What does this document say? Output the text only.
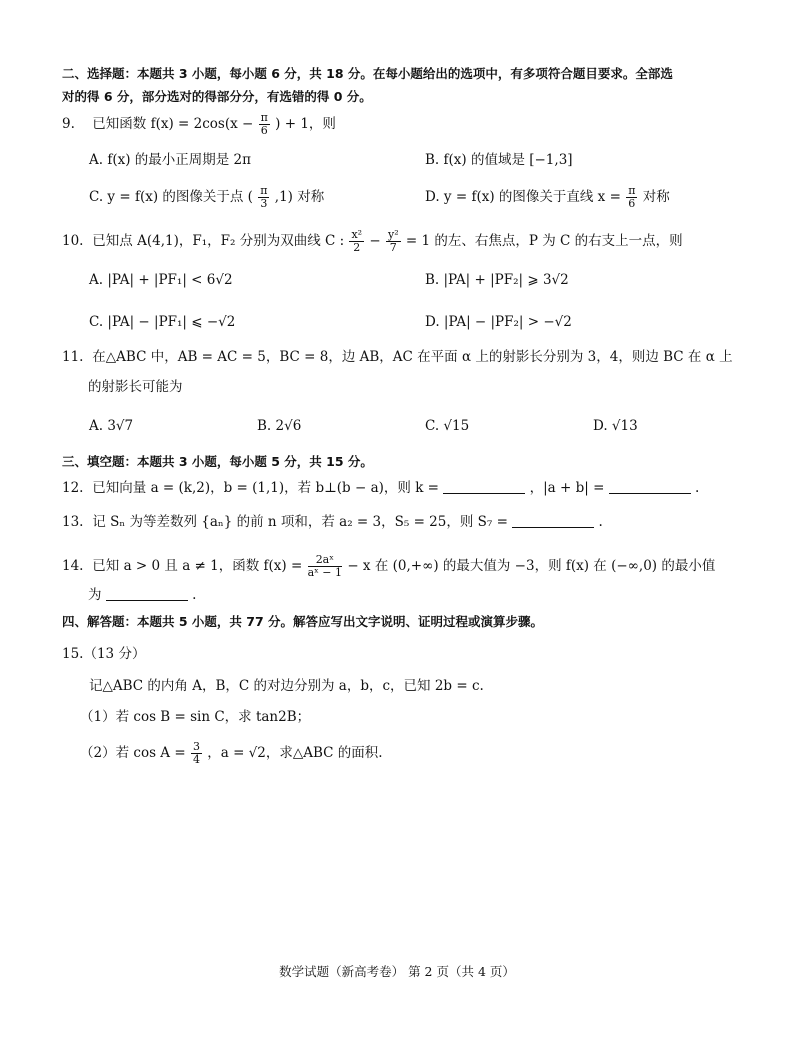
二、选择题：本题共 3 小题，每小题 6 分，共 18 分。在每小题给出的选项中，有多项符合题目要求。全部选
对的得 6 分，部分选对的得部分分，有选错的得 0 分。
9. 已知函数 $f(x) = 2\cos(x - \frac{\pi}{6}$ ) + 1，则
A. f(x) 的最小正周期是 2π	B. f(x) 的值域是 [−1,3]
C. y = f(x) 的图像关于点 ( $\frac{\pi}{3} ,1$) 对称	D. y = f(x) 的图像关于直线 $x = \frac{\pi}{6}$ 对称
10. 已知点 A(4,1)，F₁，F₂ 分别为双曲线 C : $\frac{\text{x²}}{2} - \frac{\text{y²}}{7} = 1$ 的左、右焦点，P 为 C 的右支上一点，则
A. |PA| + |PF₁| < 6√2	B. |PA| + |PF₂| ⩾ 3√2
C. |PA| − |PF₁| ⩽ −√2	D. |PA| − |PF₂| > −√2
11. 在△ABC 中，AB = AC = 5，BC = 8，边 AB，AC 在平面 α 上的射影长分别为 3，4，则边 BC 在 α 上
的射影长可能为
A. 3√7	B. 2√6	C. √15	D. √13
三、填空题：本题共 3 小题，每小题 5 分，共 15 分。
12. 已知向量 a = (k,2)，b = (1,1)，若 b⊥(b − a)，则 k =	，|a + b| =	.
13. 记 Sₙ 为等差数列 {aₙ} 的前 n 项和，若 a₂ = 3，S₅ = 25，则 S₇ =	.
14. 已知 a > 0 且 a ≠ 1，函数 $f(x) = \frac{\text{2aˣ}}{\text{aˣ − 1}} - x$ 在 (0,+∞) 的最大值为 −3，则 f(x) 在 (−∞,0) 的最小值
为	.
四、解答题：本题共 5 小题，共 77 分。解答应写出文字说明、证明过程或演算步骤。
15.（13 分）
记△ABC 的内角 A，B，C 的对边分别为 a，b，c，已知 2b = c.
（1）若 cos B = sin C，求 tan2B；
（2）若 $\cos A = \frac{3}{4}$ ，a = √2，求△ABC 的面积.
数学试题（新高考卷） 第 2 页（共 4 页）
